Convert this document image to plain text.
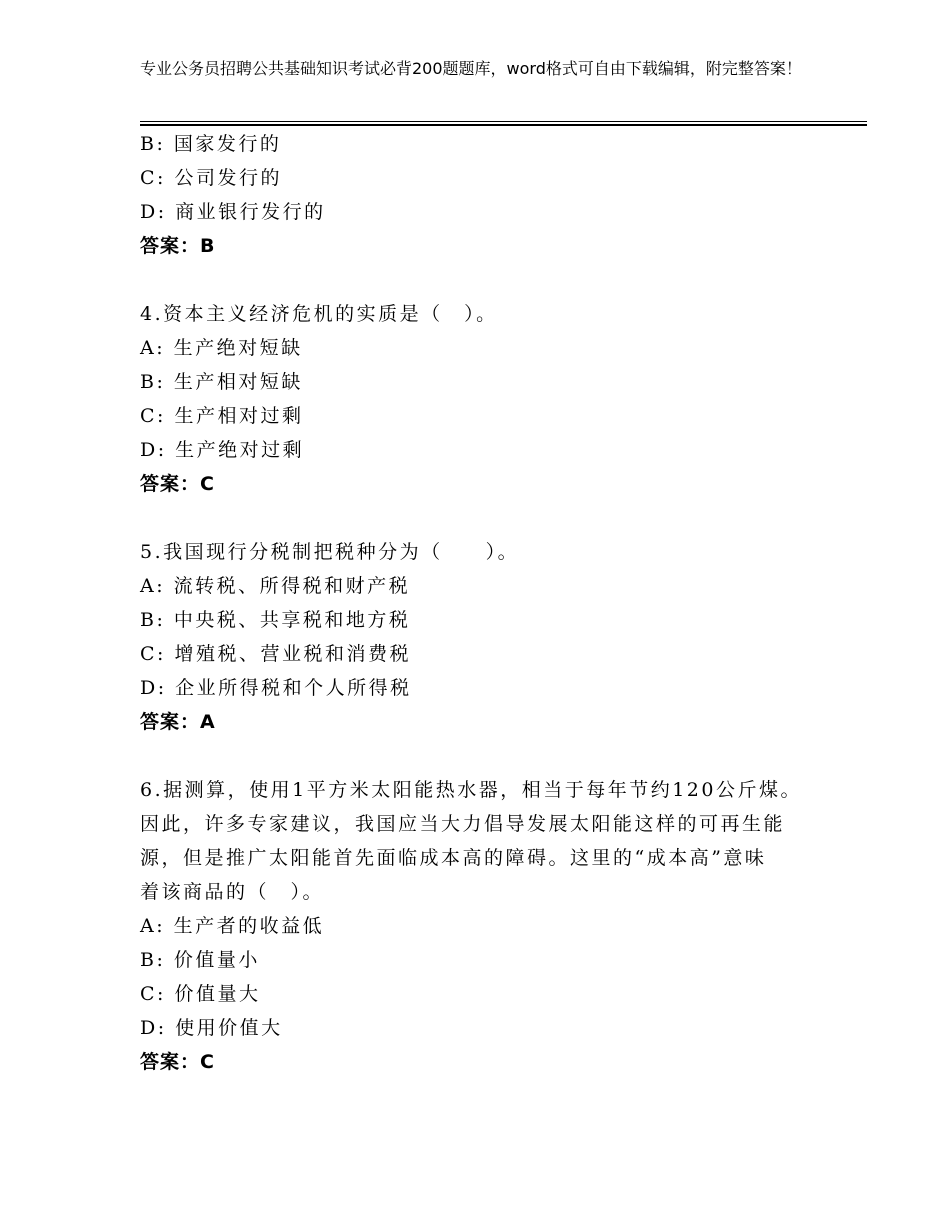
专业公务员招聘公共基础知识考试必背200题题库，word格式可自由下载编辑，附完整答案！
B: 国家发行的
C: 公司发行的
D: 商业银行发行的
答案：B
4.资本主义经济危机的实质是（　）。
A: 生产绝对短缺
B: 生产相对短缺
C: 生产相对过剩
D: 生产绝对过剩
答案：C
5.我国现行分税制把税种分为（　　）。
A: 流转税、所得税和财产税
B: 中央税、共享税和地方税
C: 增殖税、营业税和消费税
D: 企业所得税和个人所得税
答案：A
6.据测算，使用1平方米太阳能热水器，相当于每年节约120公斤煤。
因此，许多专家建议，我国应当大力倡导发展太阳能这样的可再生能
源，但是推广太阳能首先面临成本高的障碍。这里的“成本高”意味
着该商品的（　）。
A: 生产者的收益低
B: 价值量小
C: 价值量大
D: 使用价值大
答案：C
